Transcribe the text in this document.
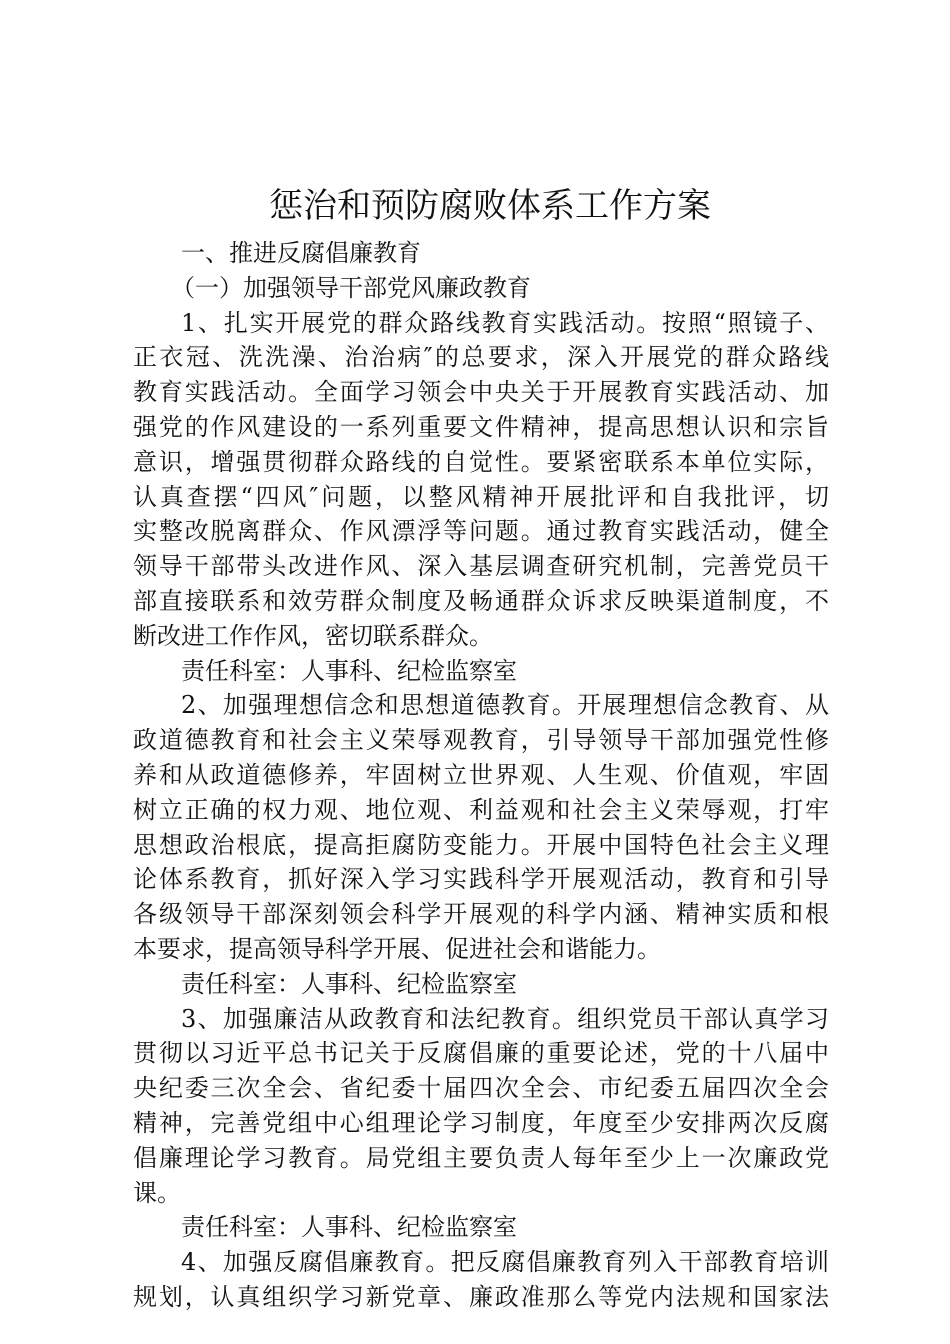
惩治和预防腐败体系工作方案
一、推进反腐倡廉教育
（一）加强领导干部党风廉政教育
1、扎实开展党的群众路线教育实践活动。按照“照镜子、
正衣冠、洗洗澡、治治病″的总要求，深入开展党的群众路线
教育实践活动。全面学习领会中央关于开展教育实践活动、加
强党的作风建设的一系列重要文件精神，提高思想认识和宗旨
意识，增强贯彻群众路线的自觉性。要紧密联系本单位实际，
认真查摆“四风″问题，以整风精神开展批评和自我批评，切
实整改脱离群众、作风漂浮等问题。通过教育实践活动，健全
领导干部带头改进作风、深入基层调查研究机制，完善党员干
部直接联系和效劳群众制度及畅通群众诉求反映渠道制度，不
断改进工作作风，密切联系群众。
责任科室：人事科、纪检监察室
2、加强理想信念和思想道德教育。开展理想信念教育、从
政道德教育和社会主义荣辱观教育，引导领导干部加强党性修
养和从政道德修养，牢固树立世界观、人生观、价值观，牢固
树立正确的权力观、地位观、利益观和社会主义荣辱观，打牢
思想政治根底，提高拒腐防变能力。开展中国特色社会主义理
论体系教育，抓好深入学习实践科学开展观活动，教育和引导
各级领导干部深刻领会科学开展观的科学内涵、精神实质和根
本要求，提高领导科学开展、促进社会和谐能力。
责任科室：人事科、纪检监察室
3、加强廉洁从政教育和法纪教育。组织党员干部认真学习
贯彻以习近平总书记关于反腐倡廉的重要论述，党的十八届中
央纪委三次全会、省纪委十届四次全会、市纪委五届四次全会
精神，完善党组中心组理论学习制度，年度至少安排两次反腐
倡廉理论学习教育。局党组主要负责人每年至少上一次廉政党
课。
责任科室：人事科、纪检监察室
4、加强反腐倡廉教育。把反腐倡廉教育列入干部教育培训
规划，认真组织学习新党章、廉政准那么等党内法规和国家法
